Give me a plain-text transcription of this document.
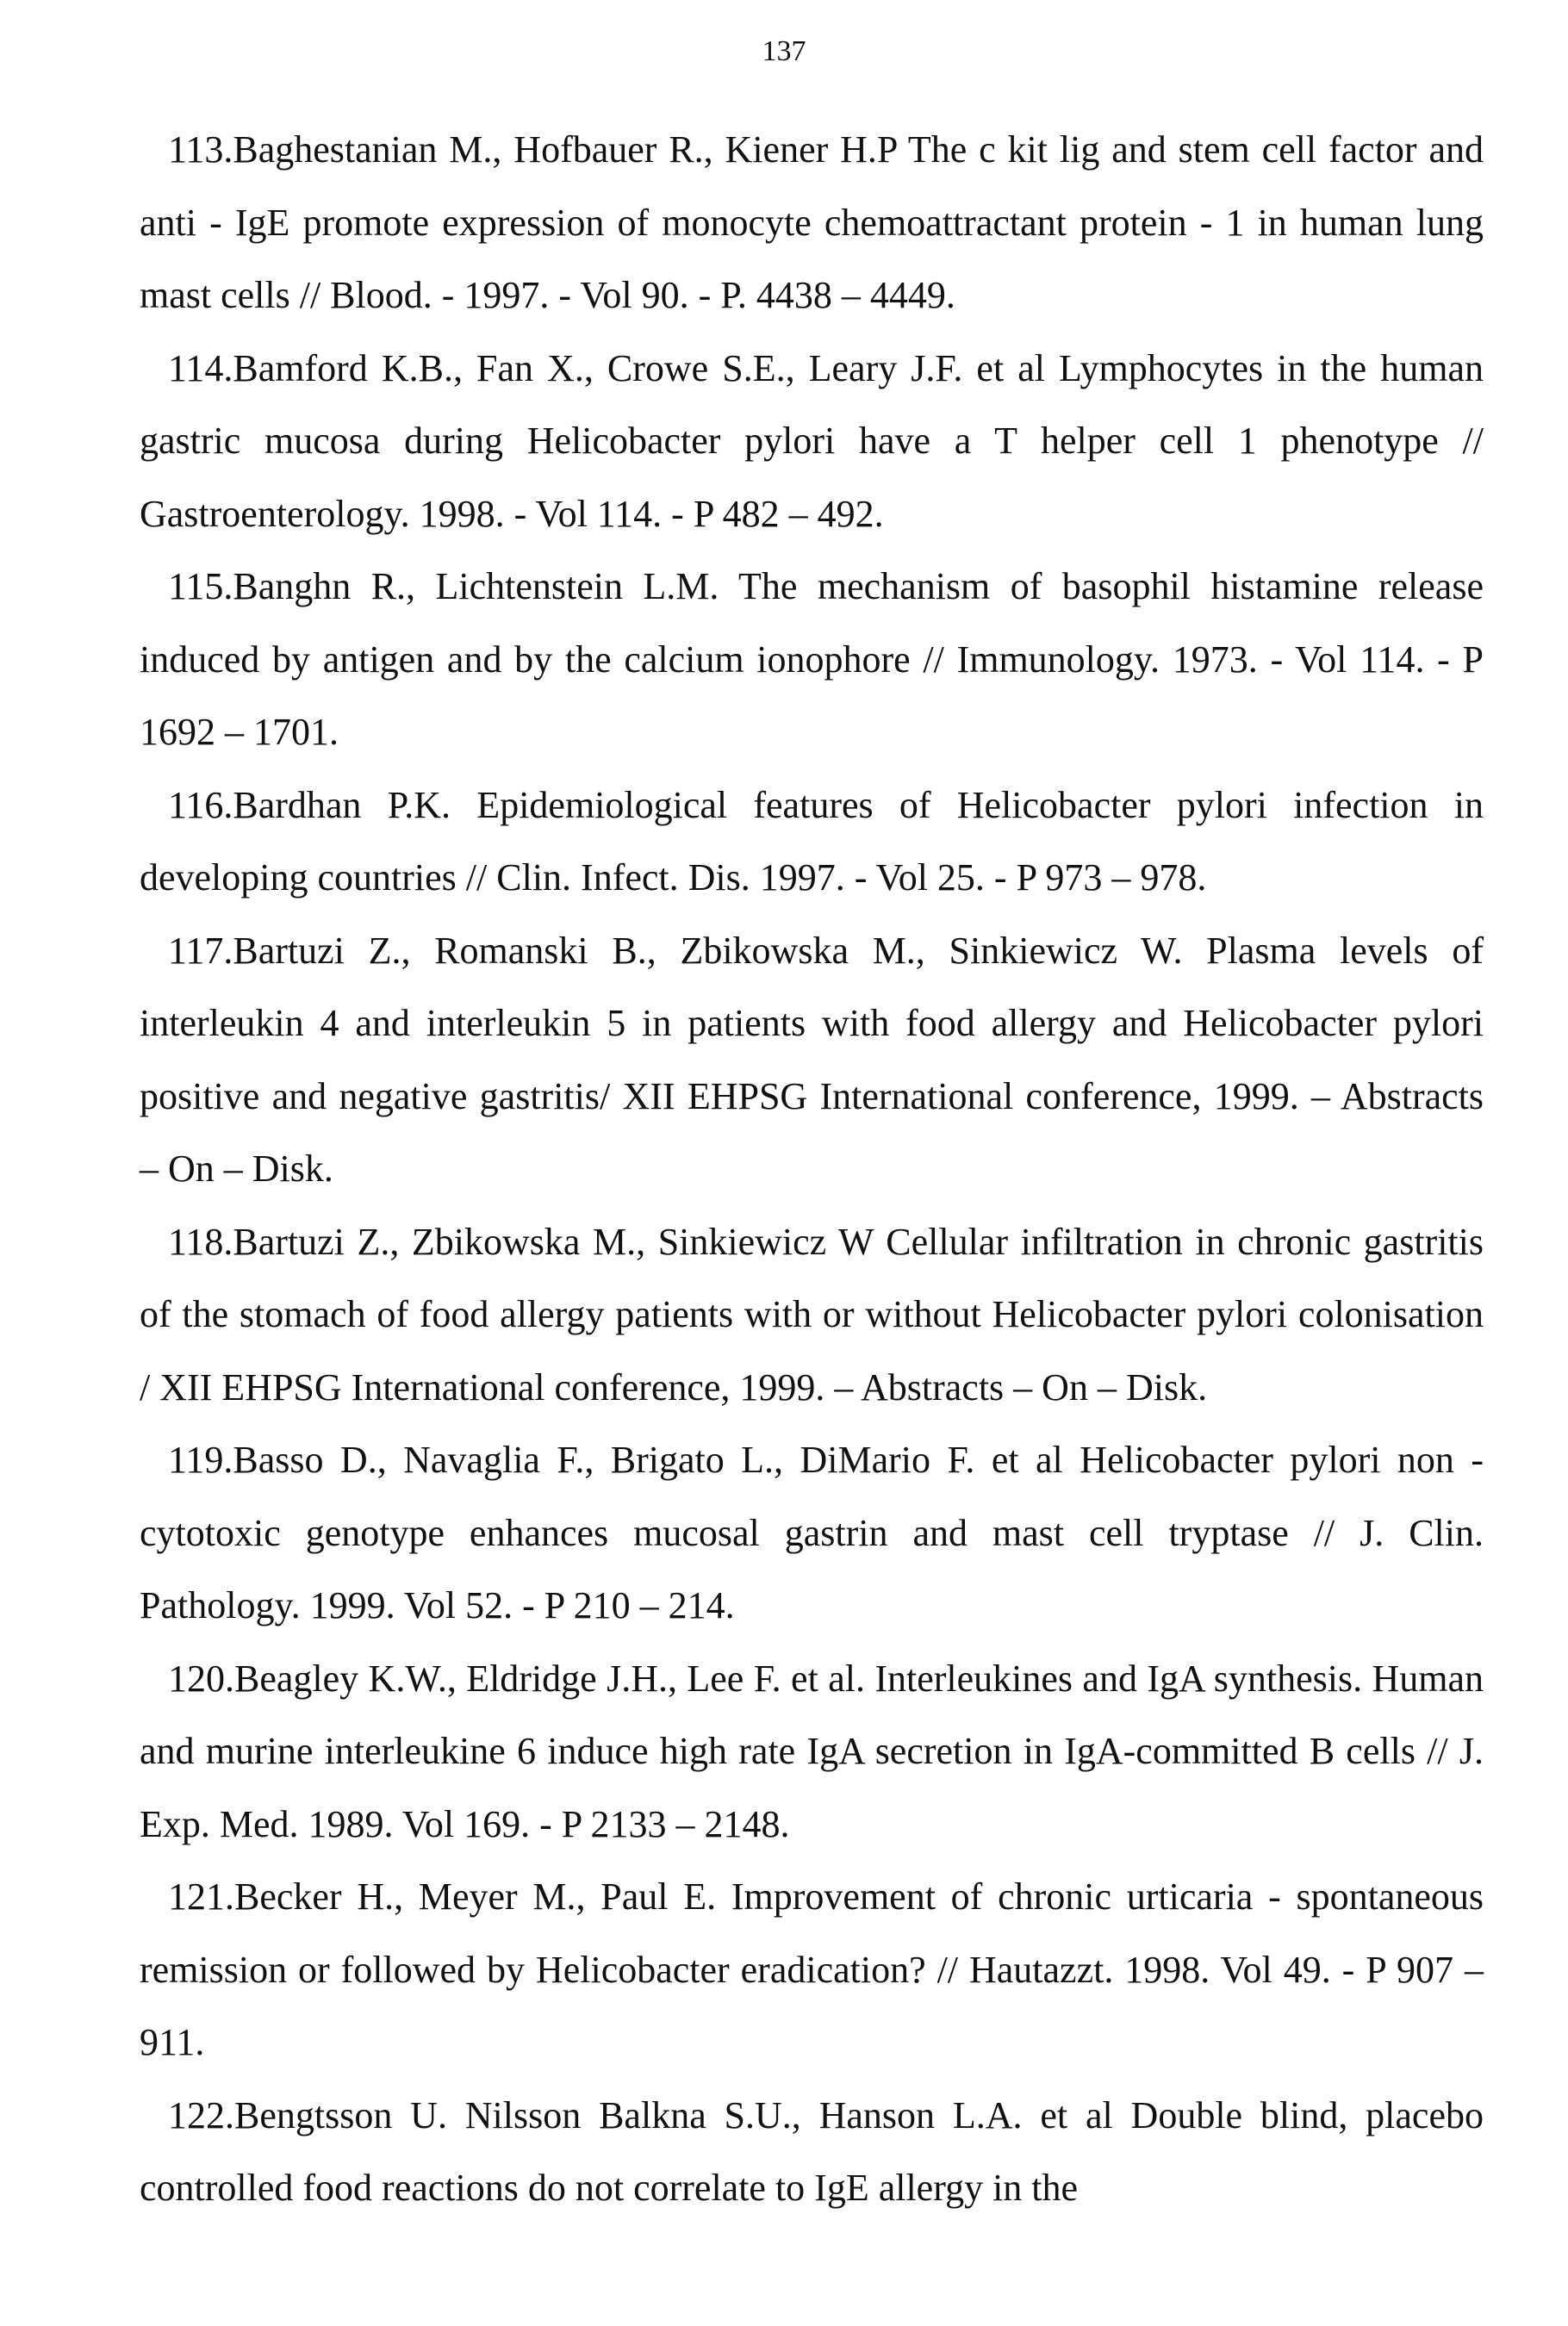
137
113.Baghestanian M., Hofbauer R., Kiener H.P The c kit lig and stem cell factor and anti - IgE promote expression of monocyte chemoattractant protein - 1 in human lung mast cells // Blood. - 1997. - Vol 90. - P. 4438 – 4449.
114.Bamford K.B., Fan X., Crowe S.E., Leary J.F. et al Lymphocytes in the human gastric mucosa during Helicobacter pylori have a T helper cell 1 phenotype // Gastroenterology. 1998. - Vol 114. - P 482 – 492.
115.Banghn R., Lichtenstein L.M. The mechanism of basophil histamine release induced by antigen and by the calcium ionophore // Immunology. 1973. - Vol 114. - P 1692 – 1701.
116.Bardhan P.K. Epidemiological features of Helicobacter pylori infection in developing countries // Clin. Infect. Dis. 1997. - Vol 25. - P 973 – 978.
117.Bartuzi Z., Romanski B., Zbikowska M., Sinkiewicz W. Plasma levels of interleukin 4 and interleukin 5 in patients with food allergy and Helicobacter pylori positive and negative gastritis/ XII EHPSG International conference, 1999. – Abstracts – On – Disk.
118.Bartuzi Z., Zbikowska M., Sinkiewicz W Cellular infiltration in chronic gastritis of the stomach of food allergy patients with or without Helicobacter pylori colonisation / XII EHPSG International conference, 1999. – Abstracts – On – Disk.
119.Basso D., Navaglia F., Brigato L., DiMario F. et al Helicobacter pylori non - cytotoxic genotype enhances mucosal gastrin and mast cell tryptase // J. Clin. Pathology. 1999. Vol 52. - P 210 – 214.
120.Beagley K.W., Eldridge J.H., Lee F. et al. Interleukines and IgA synthesis. Human and murine interleukine 6 induce high rate IgA secretion in IgA-committed B cells // J. Exp. Med. 1989. Vol 169. - P 2133 – 2148.
121.Becker H., Meyer M., Paul E. Improvement of chronic urticaria - spontaneous remission or followed by Helicobacter eradication? // Hautazzt. 1998. Vol 49. - P 907 – 911.
122.Bengtsson U. Nilsson Balkna S.U., Hanson L.A. et al Double blind, placebo controlled food reactions do not correlate to IgE allergy in the
